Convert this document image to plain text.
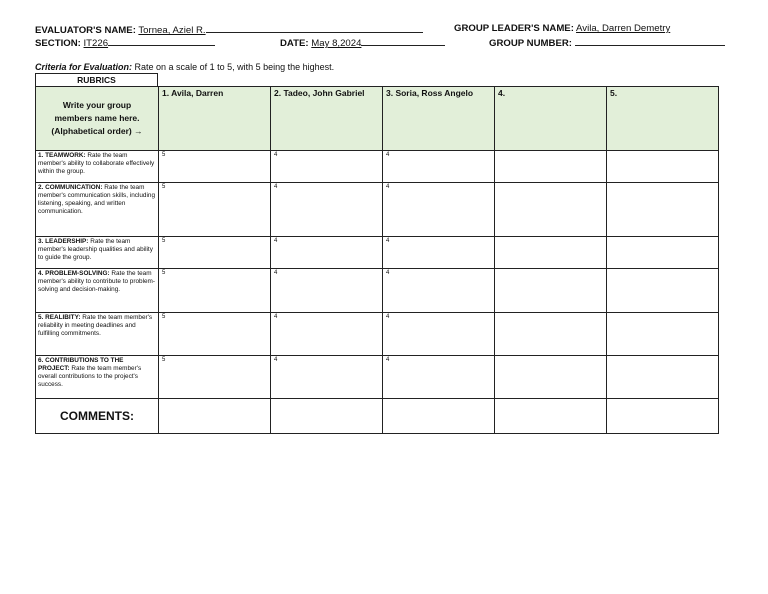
EVALUATOR'S NAME: Tornea, Aziel R.	GROUP LEADER'S NAME: Avila, Darren Demetry
SECTION: IT226	DATE: May 8,2024	GROUP NUMBER:
Criteria for Evaluation: Rate on a scale of 1 to 5, with 5 being the highest.
RUBRICS
Write your group
members name here.
(Alphabetical order) →	1. Avila, Darren	2. Tadeo, John Gabriel	3. Soria, Ross Angelo	4.	5.
1. TEAMWORK: Rate the team member's ability to collaborate effectively within the group.	5	4	4		
2. COMMUNICATION: Rate the team member's communication skills, including listening, speaking, and written communication.	5	4	4		
3. LEADERSHIP: Rate the team member's leadership qualities and ability to guide the group.	5	4	4		
4. PROBLEM-SOLVING: Rate the team member's ability to contribute to problem-solving and decision-making.	5	4	4		
5. REALIBITY: Rate the team member's reliability in meeting deadlines and fulfilling commitments.	5	4	4		
6. CONTRIBUTIONS TO THE PROJECT: Rate the team member's overall contributions to the project's success.	5	4	4		
COMMENTS:					
